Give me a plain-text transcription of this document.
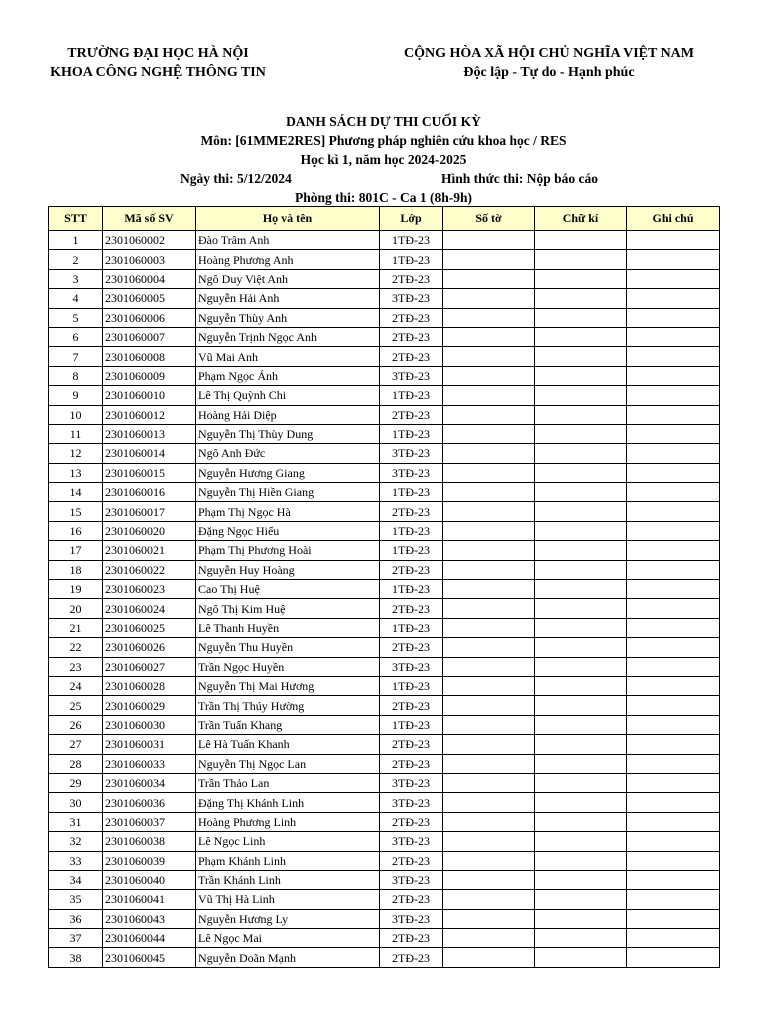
TRƯỜNG ĐẠI HỌC HÀ NỘI
KHOA CÔNG NGHỆ THÔNG TIN
CỘNG HÒA XÃ HỘI CHỦ NGHĨA VIỆT NAM
Độc lập - Tự do - Hạnh phúc
DANH SÁCH DỰ THI CUỐI KỲ
Môn: [61MME2RES] Phương pháp nghiên cứu khoa học / RES
Học kì 1, năm học 2024-2025
Ngày thi: 5/12/2024	Hình thức thi: Nộp báo cáo
Phòng thi: 801C - Ca 1 (8h-9h)
STT	Mã số SV	Họ và tên	Lớp	Số tờ	Chữ kí	Ghi chú
1	2301060002	Đào Trâm Anh	1TĐ-23			
2	2301060003	Hoàng Phương Anh	1TĐ-23			
3	2301060004	Ngô Duy Việt Anh	2TĐ-23			
4	2301060005	Nguyễn Hải Anh	3TĐ-23			
5	2301060006	Nguyễn Thùy Anh	2TĐ-23			
6	2301060007	Nguyễn Trịnh Ngọc Anh	2TĐ-23			
7	2301060008	Vũ Mai Anh	2TĐ-23			
8	2301060009	Phạm Ngọc Ánh	3TĐ-23			
9	2301060010	Lê Thị Quỳnh Chi	1TĐ-23			
10	2301060012	Hoàng Hải Diệp	2TĐ-23			
11	2301060013	Nguyễn Thị Thùy Dung	1TĐ-23			
12	2301060014	Ngô Anh Đức	3TĐ-23			
13	2301060015	Nguyễn Hương Giang	3TĐ-23			
14	2301060016	Nguyễn Thị Hiền Giang	1TĐ-23			
15	2301060017	Phạm Thị Ngọc Hà	2TĐ-23			
16	2301060020	Đặng Ngọc Hiếu	1TĐ-23			
17	2301060021	Phạm Thị Phương Hoài	1TĐ-23			
18	2301060022	Nguyễn Huy Hoàng	2TĐ-23			
19	2301060023	Cao Thị Huệ	1TĐ-23			
20	2301060024	Ngô Thị Kim Huệ	2TĐ-23			
21	2301060025	Lê Thanh Huyền	1TĐ-23			
22	2301060026	Nguyễn Thu Huyền	2TĐ-23			
23	2301060027	Trần Ngọc Huyền	3TĐ-23			
24	2301060028	Nguyễn Thị Mai Hương	1TĐ-23			
25	2301060029	Trần Thị Thúy Hường	2TĐ-23			
26	2301060030	Trần Tuấn Khang	1TĐ-23			
27	2301060031	Lê Hà Tuấn Khanh	2TĐ-23			
28	2301060033	Nguyễn Thị Ngọc Lan	2TĐ-23			
29	2301060034	Trần Thảo Lan	3TĐ-23			
30	2301060036	Đặng Thị Khánh Linh	3TĐ-23			
31	2301060037	Hoàng Phương Linh	2TĐ-23			
32	2301060038	Lê Ngọc Linh	3TĐ-23			
33	2301060039	Phạm Khánh Linh	2TĐ-23			
34	2301060040	Trần Khánh Linh	3TĐ-23			
35	2301060041	Vũ Thị Hà Linh	2TĐ-23			
36	2301060043	Nguyễn Hương Ly	3TĐ-23			
37	2301060044	Lê Ngọc Mai	2TĐ-23			
38	2301060045	Nguyễn Doãn Mạnh	2TĐ-23			
